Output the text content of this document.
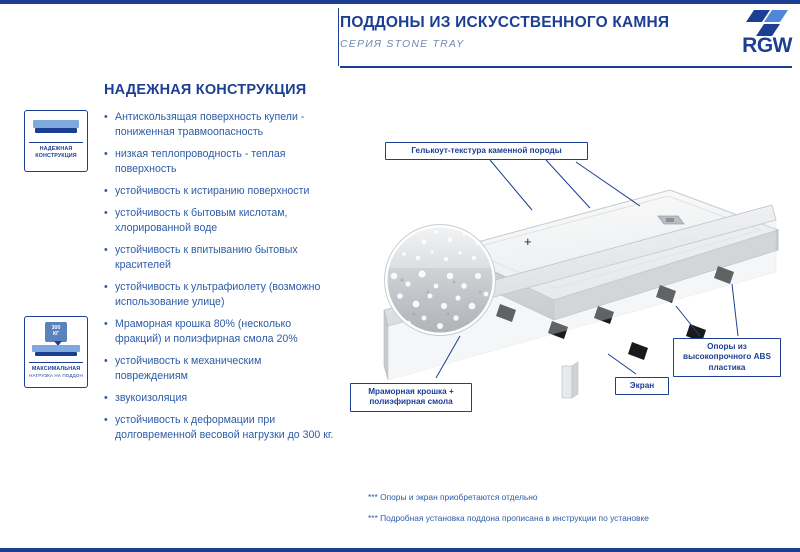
ПОДДОНЫ ИЗ ИСКУССТВЕННОГО КАМНЯ
СЕРИЯ STONE TRAY	RGW
НАДЕЖНАЯ КОНСТРУКЦИЯ
НАДЕЖНАЯ
КОНСТРУКЦИЯ
300
КГ
МАКСИМАЛЬНАЯ
НАГРУЗКА НА ПОДДОН
• Антискользящая поверхность купели - пониженная травмоопасность
• низкая теплопроводность - теплая поверхность
• устойчивость к истиранию поверхности
• устойчивость к бытовым кислотам, хлорированной воде
• устойчивость к впитыванию бытовых красителей
• устойчивость к ультрафиолету (возможно использование улице)
• Мраморная крошка 80% (несколько фракций) и полиэфирная смола 20%
• устойчивость к механическим повреждениям
• звукоизоляция
• устойчивость к деформации при долговременной весовой нагрузки до 300 кг.
Гелькоут-текстура каменной породы
Мраморная крошка + полиэфирная смола
Экран
Опоры из высокопрочного ABS пластика
+
*** Опоры и экран приобретаются отдельно
*** Подробная установка поддона прописана в инструкции по установке
